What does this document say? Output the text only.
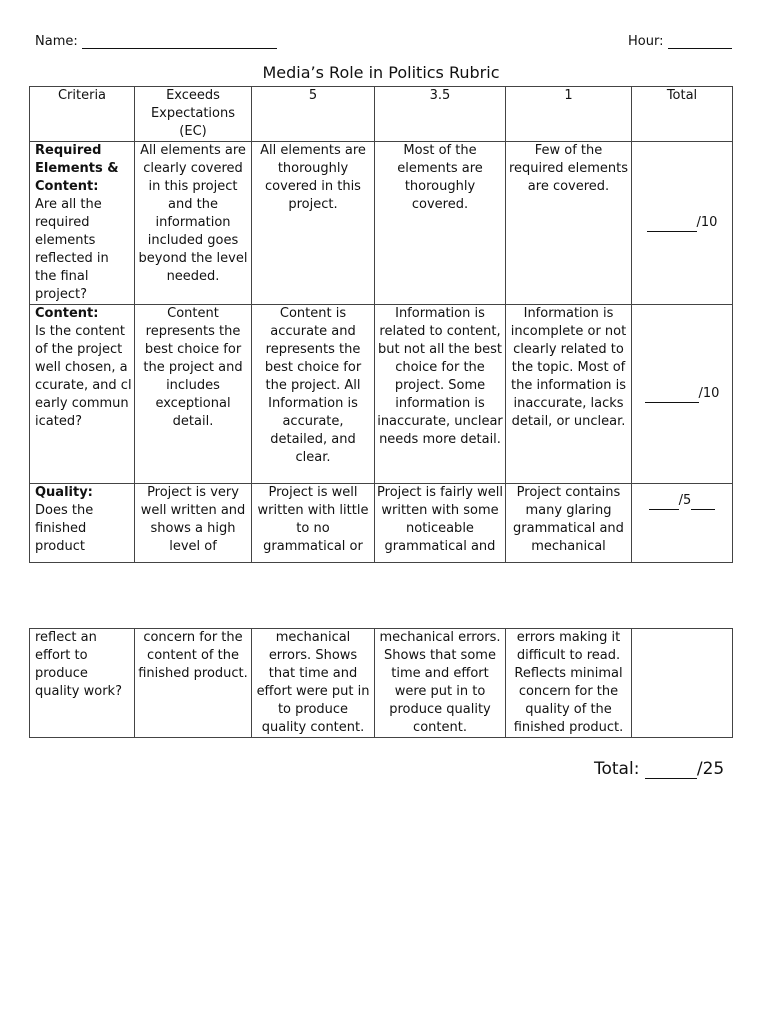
Name:	Hour:
Media’s Role in Politics Rubric
Criteria	Exceeds Expectations (EC)	5	3.5	1	Total
Required Elements & Content:
Are all the required elements reflected in the final project?	All elements are clearly covered in this project and the information included goes beyond the level needed.	All elements are thoroughly covered in this project.	Most of the elements are thoroughly covered.	Few of the required elements are covered.	/10
Content:
Is the content of the project well chosen, accurate, and clearly communicated?	Content represents the best choice for the project and includes exceptional detail.	Content is accurate and represents the best choice for the project. All Information is accurate, detailed, and clear.	Information is related to content, but not all the best choice for the project. Some information is inaccurate, unclear needs more detail.	Information is incomplete or not clearly related to the topic. Most of the information is inaccurate, lacks detail, or unclear.	/10
Quality:
Does the finished product	Project is very well written and shows a high level of	Project is well written with little to no grammatical or	Project is fairly well written with some noticeable grammatical and	Project contains many glaring grammatical and mechanical	/5
reflect an effort to produce quality work?	concern for the content of the finished product.	mechanical errors. Shows that time and effort were put in to produce quality content.	mechanical errors. Shows that some time and effort were put in to produce quality content.	errors making it difficult to read. Reflects minimal concern for the quality of the finished product.	
Total:	/25
